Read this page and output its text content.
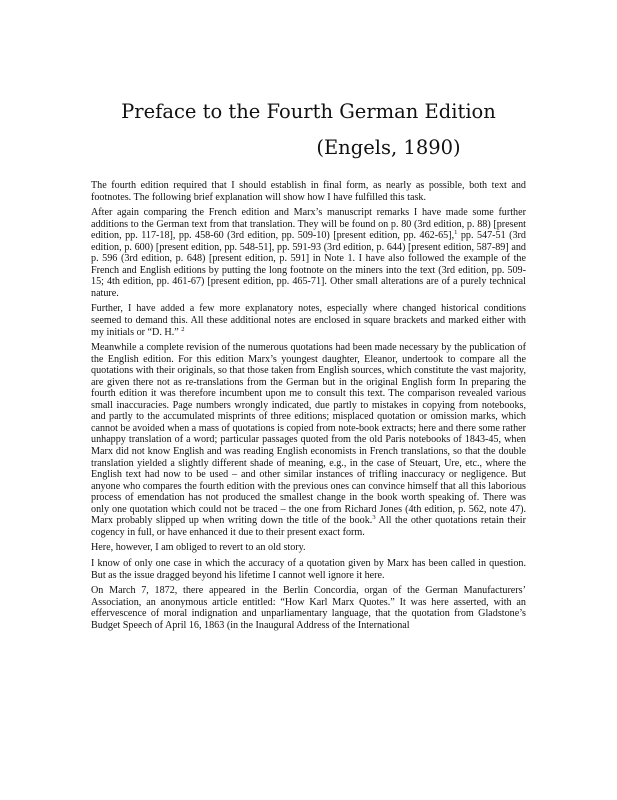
Preface to the Fourth German Edition
(Engels, 1890)

The fourth edition required that I should establish in final form, as nearly as possible, both text and footnotes. The following brief explanation will show how I have fulfilled this task.

After again comparing the French edition and Marx’s manuscript remarks I have made some further additions to the German text from that translation. They will be found on p. 80 (3rd edition, p. 88) [present edition, pp. 117-18], pp. 458-60 (3rd edition, pp. 509-10) [present edition, pp. 462-65],$^1$ pp. 547-51 (3rd edition, p. 600) [present edition, pp. 548-51], pp. 591-93 (3rd edition, p. 644) [present edition, 587-89] and p. 596 (3rd edition, p. 648) [present edition, p. 591] in Note 1. I have also followed the example of the French and English editions by putting the long footnote on the miners into the text (3rd edition, pp. 509- 15; 4th edition, pp. 461-67) [present edition, pp. 465-71]. Other small alterations are of a purely technical nature.

Further, I have added a few more explanatory notes, especially where changed historical conditions seemed to demand this. All these additional notes are enclosed in square brackets and marked either with my initials or “D. H.” $^2$

Meanwhile a complete revision of the numerous quotations had been made necessary by the publication of the English edition. For this edition Marx’s youngest daughter, Eleanor, undertook to compare all the quotations with their originals, so that those taken from English sources, which constitute the vast majority, are given there not as re-translations from the German but in the original English form In preparing the fourth edition it was therefore incumbent upon me to consult this text. The comparison revealed various small inaccuracies. Page numbers wrongly indicated, due partly to mistakes in copying from notebooks, and partly to the accumulated misprints of three editions; misplaced quotation or omission marks, which cannot be avoided when a mass of quotations is copied from note-book extracts; here and there some rather unhappy translation of a word; particular passages quoted from the old Paris notebooks of 1843-45, when Marx did not know English and was reading English economists in French translations, so that the double translation yielded a slightly different shade of meaning, e.g., in the case of Steuart, Ure, etc., where the English text had now to be used – and other similar instances of trifling inaccuracy or negligence. But anyone who compares the fourth edition with the previous ones can convince himself that all this laborious process of emendation has not produced the smallest change in the book worth speaking of. There was only one quotation which could not be traced – the one from Richard Jones (4th edition, p. 562, note 47). Marx probably slipped up when writing down the title of the book.$^3$ All the other quotations retain their cogency in full, or have enhanced it due to their present exact form.

Here, however, I am obliged to revert to an old story.

I know of only one case in which the accuracy of a quotation given by Marx has been called in question. But as the issue dragged beyond his lifetime I cannot well ignore it here.

On March 7, 1872, there appeared in the Berlin Concordia, organ of the German Manufacturers’ Association, an anonymous article entitled: “How Karl Marx Quotes.” It was here asserted, with an effervescence of moral indignation and unparliamentary language, that the quotation from Gladstone’s Budget Speech of April 16, 1863 (in the Inaugural Address of the International
